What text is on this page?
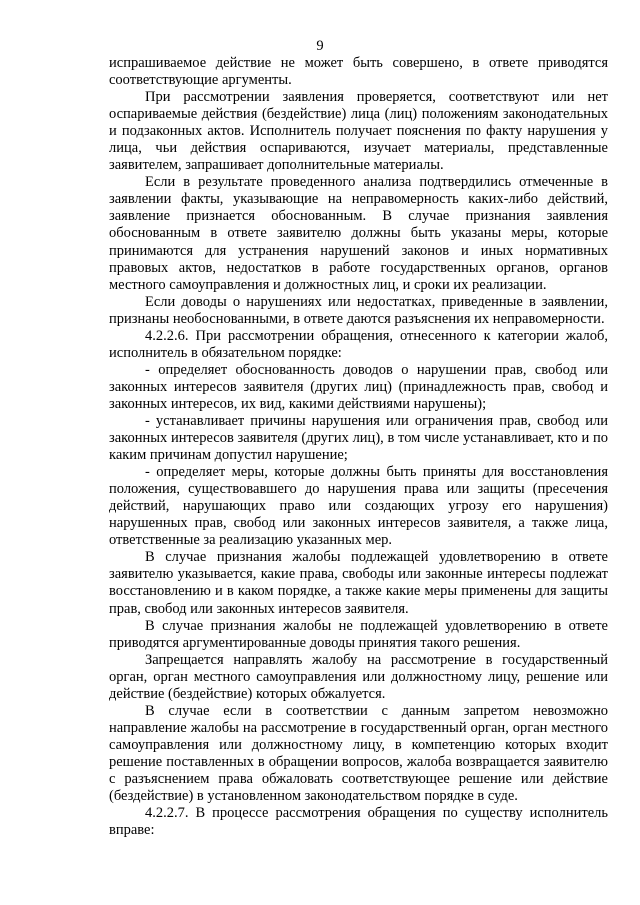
9

испрашиваемое действие не может быть совершено, в ответе приводятся соответствующие аргументы.

При рассмотрении заявления проверяется, соответствуют или нет оспариваемые действия (бездействие) лица (лиц) положениям законодательных и подзаконных актов. Исполнитель получает пояснения по факту нарушения у лица, чьи действия оспариваются, изучает материалы, представленные заявителем, запрашивает дополнительные материалы.

Если в результате проведенного анализа подтвердились отмеченные в заявлении факты, указывающие на неправомерность каких-либо действий, заявление признается обоснованным. В случае признания заявления обоснованным в ответе заявителю должны быть указаны меры, которые принимаются для устранения нарушений законов и иных нормативных правовых актов, недостатков в работе государственных органов, органов местного самоуправления и должностных лиц, и сроки их реализации.

Если доводы о нарушениях или недостатках, приведенные в заявлении, признаны необоснованными, в ответе даются разъяснения их неправомерности.

4.2.2.6. При рассмотрении обращения, отнесенного к категории жалоб, исполнитель в обязательном порядке:

- определяет обоснованность доводов о нарушении прав, свобод или законных интересов заявителя (других лиц) (принадлежность прав, свобод и законных интересов, их вид, какими действиями нарушены);

- устанавливает причины нарушения или ограничения прав, свобод или законных интересов заявителя (других лиц), в том числе устанавливает, кто и по каким причинам допустил нарушение;

- определяет меры, которые должны быть приняты для восстановления положения, существовавшего до нарушения права или защиты (пресечения действий, нарушающих право или создающих угрозу его нарушения) нарушенных прав, свобод или законных интересов заявителя, а также лица, ответственные за реализацию указанных мер.

В случае признания жалобы подлежащей удовлетворению в ответе заявителю указывается, какие права, свободы или законные интересы подлежат восстановлению и в каком порядке, а также какие меры применены для защиты прав, свобод или законных интересов заявителя.

В случае признания жалобы не подлежащей удовлетворению в ответе приводятся аргументированные доводы принятия такого решения.

Запрещается направлять жалобу на рассмотрение в государственный орган, орган местного самоуправления или должностному лицу, решение или действие (бездействие) которых обжалуется.

В случае если в соответствии с данным запретом невозможно направление жалобы на рассмотрение в государственный орган, орган местного самоуправления или должностному лицу, в компетенцию которых входит решение поставленных в обращении вопросов, жалоба возвращается заявителю с разъяснением права обжаловать соответствующее решение или действие (бездействие) в установленном законодательством порядке в суде.

4.2.2.7. В процессе рассмотрения обращения по существу исполнитель вправе:
